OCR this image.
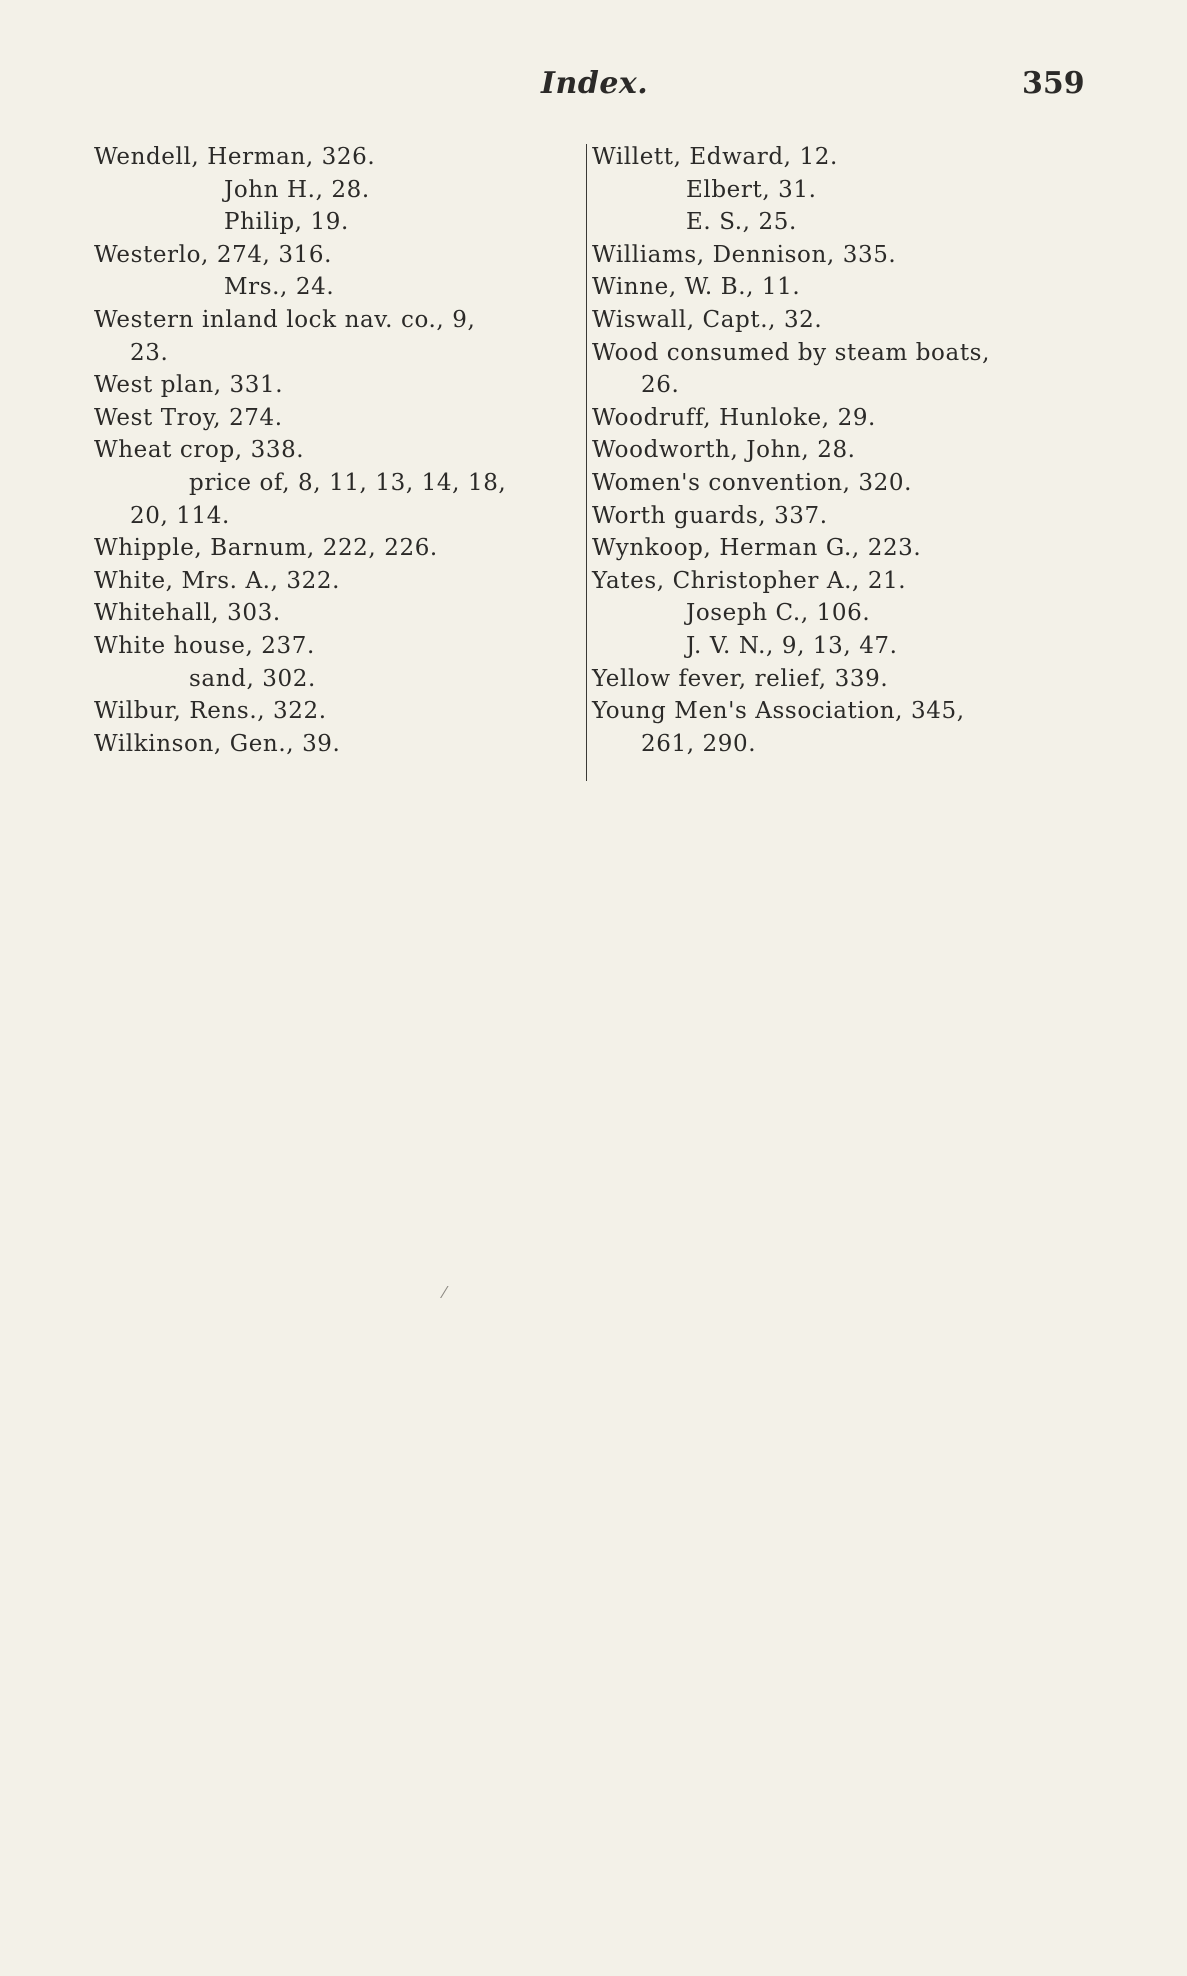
Index.	359
Wendell, Herman, 326.
John H., 28.
Philip, 19.
Westerlo, 274, 316.
Mrs., 24.
Western inland lock nav. co., 9,
23.
West plan, 331.
West Troy, 274.
Wheat crop, 338.
price of, 8, 11, 13, 14, 18,
20, 114.
Whipple, Barnum, 222, 226.
White, Mrs. A., 322.
Whitehall, 303.
White house, 237.
sand, 302.
Wilbur, Rens., 322.
Wilkinson, Gen., 39.
Willett, Edward, 12.
Elbert, 31.
E. S., 25.
Williams, Dennison, 335.
Winne, W. B., 11.
Wiswall, Capt., 32.
Wood consumed by steam boats,
26.
Woodruff, Hunloke, 29.
Woodworth, John, 28.
Women's convention, 320.
Worth guards, 337.
Wynkoop, Herman G., 223.
Yates, Christopher A., 21.
Joseph C., 106.
J. V. N., 9, 13, 47.
Yellow fever, relief, 339.
Young Men's Association, 345,
261, 290.
⁄
